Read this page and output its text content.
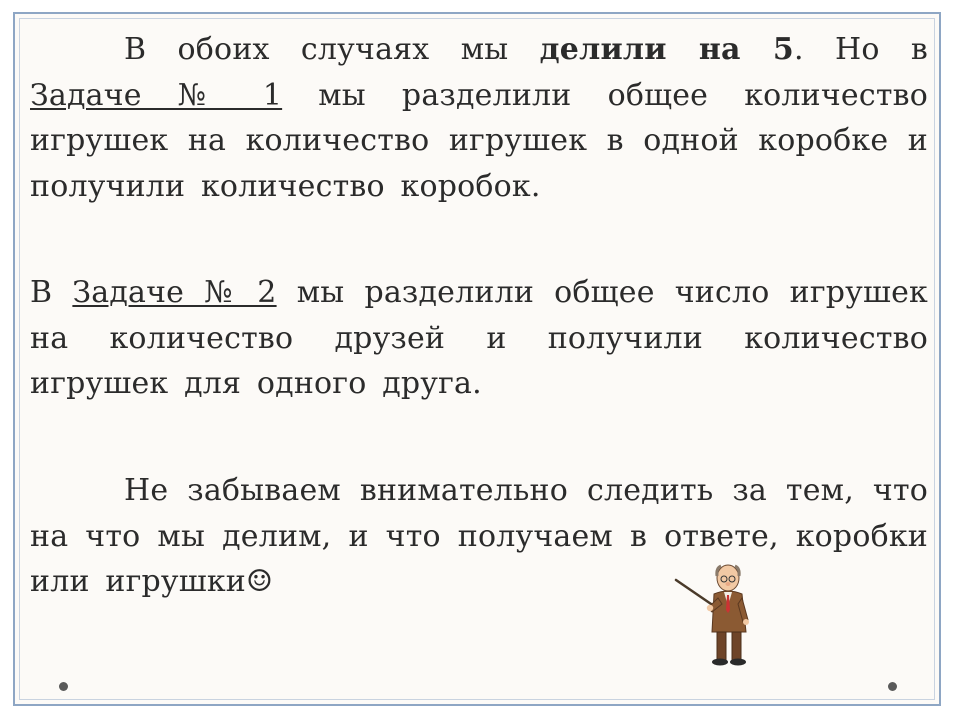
В обоих случаях мы делили на 5. Но в Задаче № 1 мы разделили общее количество игрушек на количество игрушек в одной коробке и получили количество коробок.
В Задаче № 2 мы разделили общее число игрушек на количество друзей и получили количество игрушек для одного друга.
Не забываем внимательно следить за тем, что на что мы делим, и что получаем в ответе, коробки или игрушки☺
